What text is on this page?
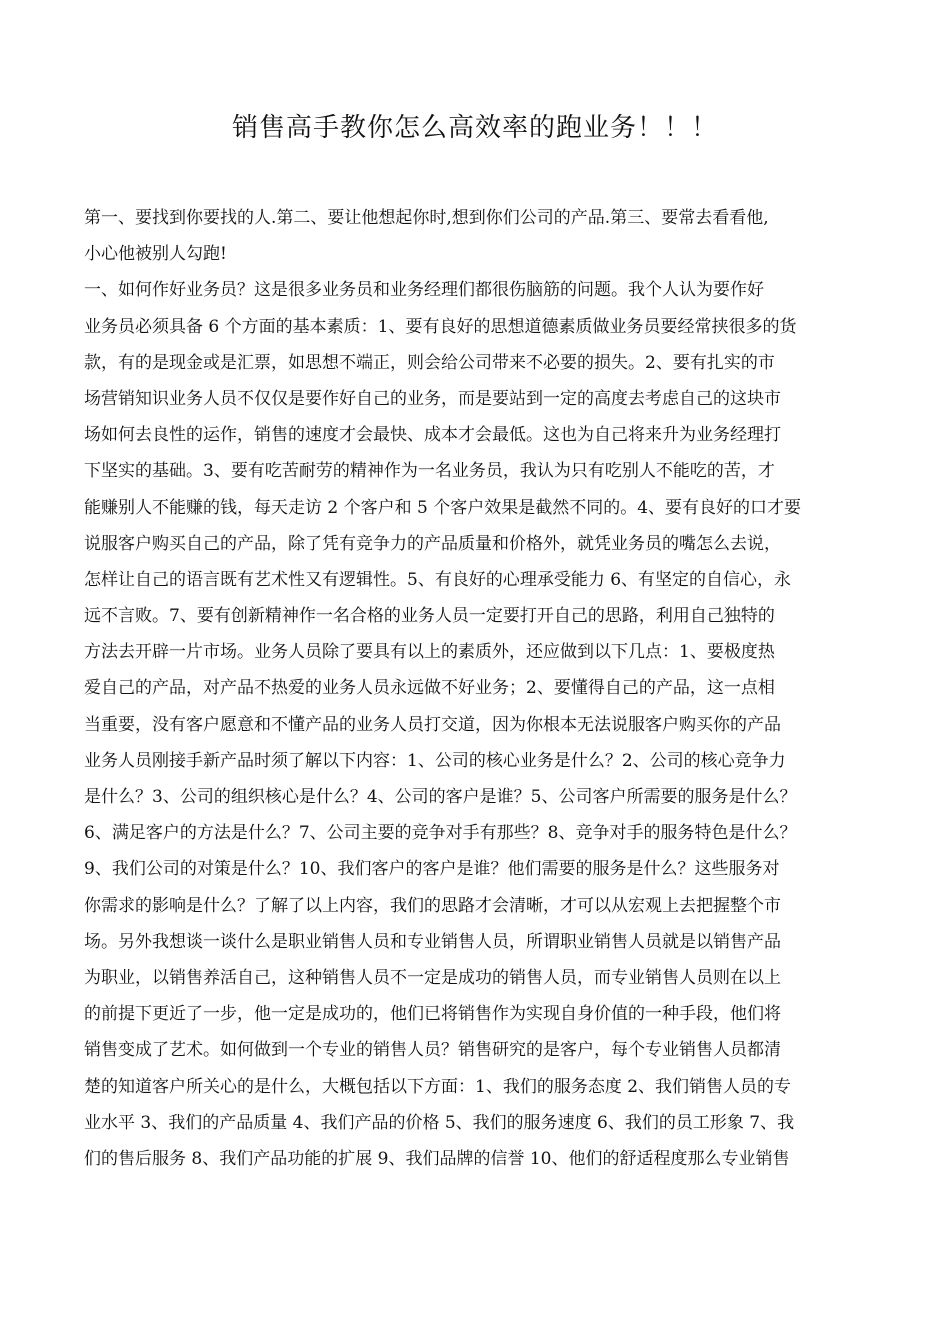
销售高手教你怎么高效率的跑业务！！！
第一、要找到你要找的人.第二、要让他想起你时,想到你们公司的产品.第三、要常去看看他,
小心他被别人勾跑!
一、如何作好业务员？这是很多业务员和业务经理们都很伤脑筋的问题。我个人认为要作好
业务员必须具备 6 个方面的基本素质：1、要有良好的思想道德素质做业务员要经常挟很多的货
款，有的是现金或是汇票，如思想不端正，则会给公司带来不必要的损失。2、要有扎实的市
场营销知识业务人员不仅仅是要作好自己的业务，而是要站到一定的高度去考虑自己的这块市
场如何去良性的运作，销售的速度才会最快、成本才会最低。这也为自己将来升为业务经理打
下坚实的基础。3、要有吃苦耐劳的精神作为一名业务员，我认为只有吃别人不能吃的苦，才
能赚别人不能赚的钱，每天走访 2 个客户和 5 个客户效果是截然不同的。4、要有良好的口才要
说服客户购买自己的产品，除了凭有竞争力的产品质量和价格外，就凭业务员的嘴怎么去说，
怎样让自己的语言既有艺术性又有逻辑性。5、有良好的心理承受能力 6、有坚定的自信心，永
远不言败。7、要有创新精神作一名合格的业务人员一定要打开自己的思路，利用自己独特的
方法去开辟一片市场。业务人员除了要具有以上的素质外，还应做到以下几点：1、要极度热
爱自己的产品，对产品不热爱的业务人员永远做不好业务；2、要懂得自己的产品，这一点相
当重要，没有客户愿意和不懂产品的业务人员打交道，因为你根本无法说服客户购买你的产品
业务人员刚接手新产品时须了解以下内容：1、公司的核心业务是什么？2、公司的核心竞争力
是什么？3、公司的组织核心是什么？4、公司的客户是谁？5、公司客户所需要的服务是什么？
6、满足客户的方法是什么？7、公司主要的竞争对手有那些？8、竞争对手的服务特色是什么？
9、我们公司的对策是什么？10、我们客户的客户是谁？他们需要的服务是什么？这些服务对
你需求的影响是什么？了解了以上内容，我们的思路才会清晰，才可以从宏观上去把握整个市
场。另外我想谈一谈什么是职业销售人员和专业销售人员，所谓职业销售人员就是以销售产品
为职业，以销售养活自己，这种销售人员不一定是成功的销售人员，而专业销售人员则在以上
的前提下更近了一步，他一定是成功的，他们已将销售作为实现自身价值的一种手段，他们将
销售变成了艺术。如何做到一个专业的销售人员？销售研究的是客户，每个专业销售人员都清
楚的知道客户所关心的是什么，大概包括以下方面：1、我们的服务态度 2、我们销售人员的专
业水平 3、我们的产品质量 4、我们产品的价格 5、我们的服务速度 6、我们的员工形象 7、我
们的售后服务 8、我们产品功能的扩展 9、我们品牌的信誉 10、他们的舒适程度那么专业销售
